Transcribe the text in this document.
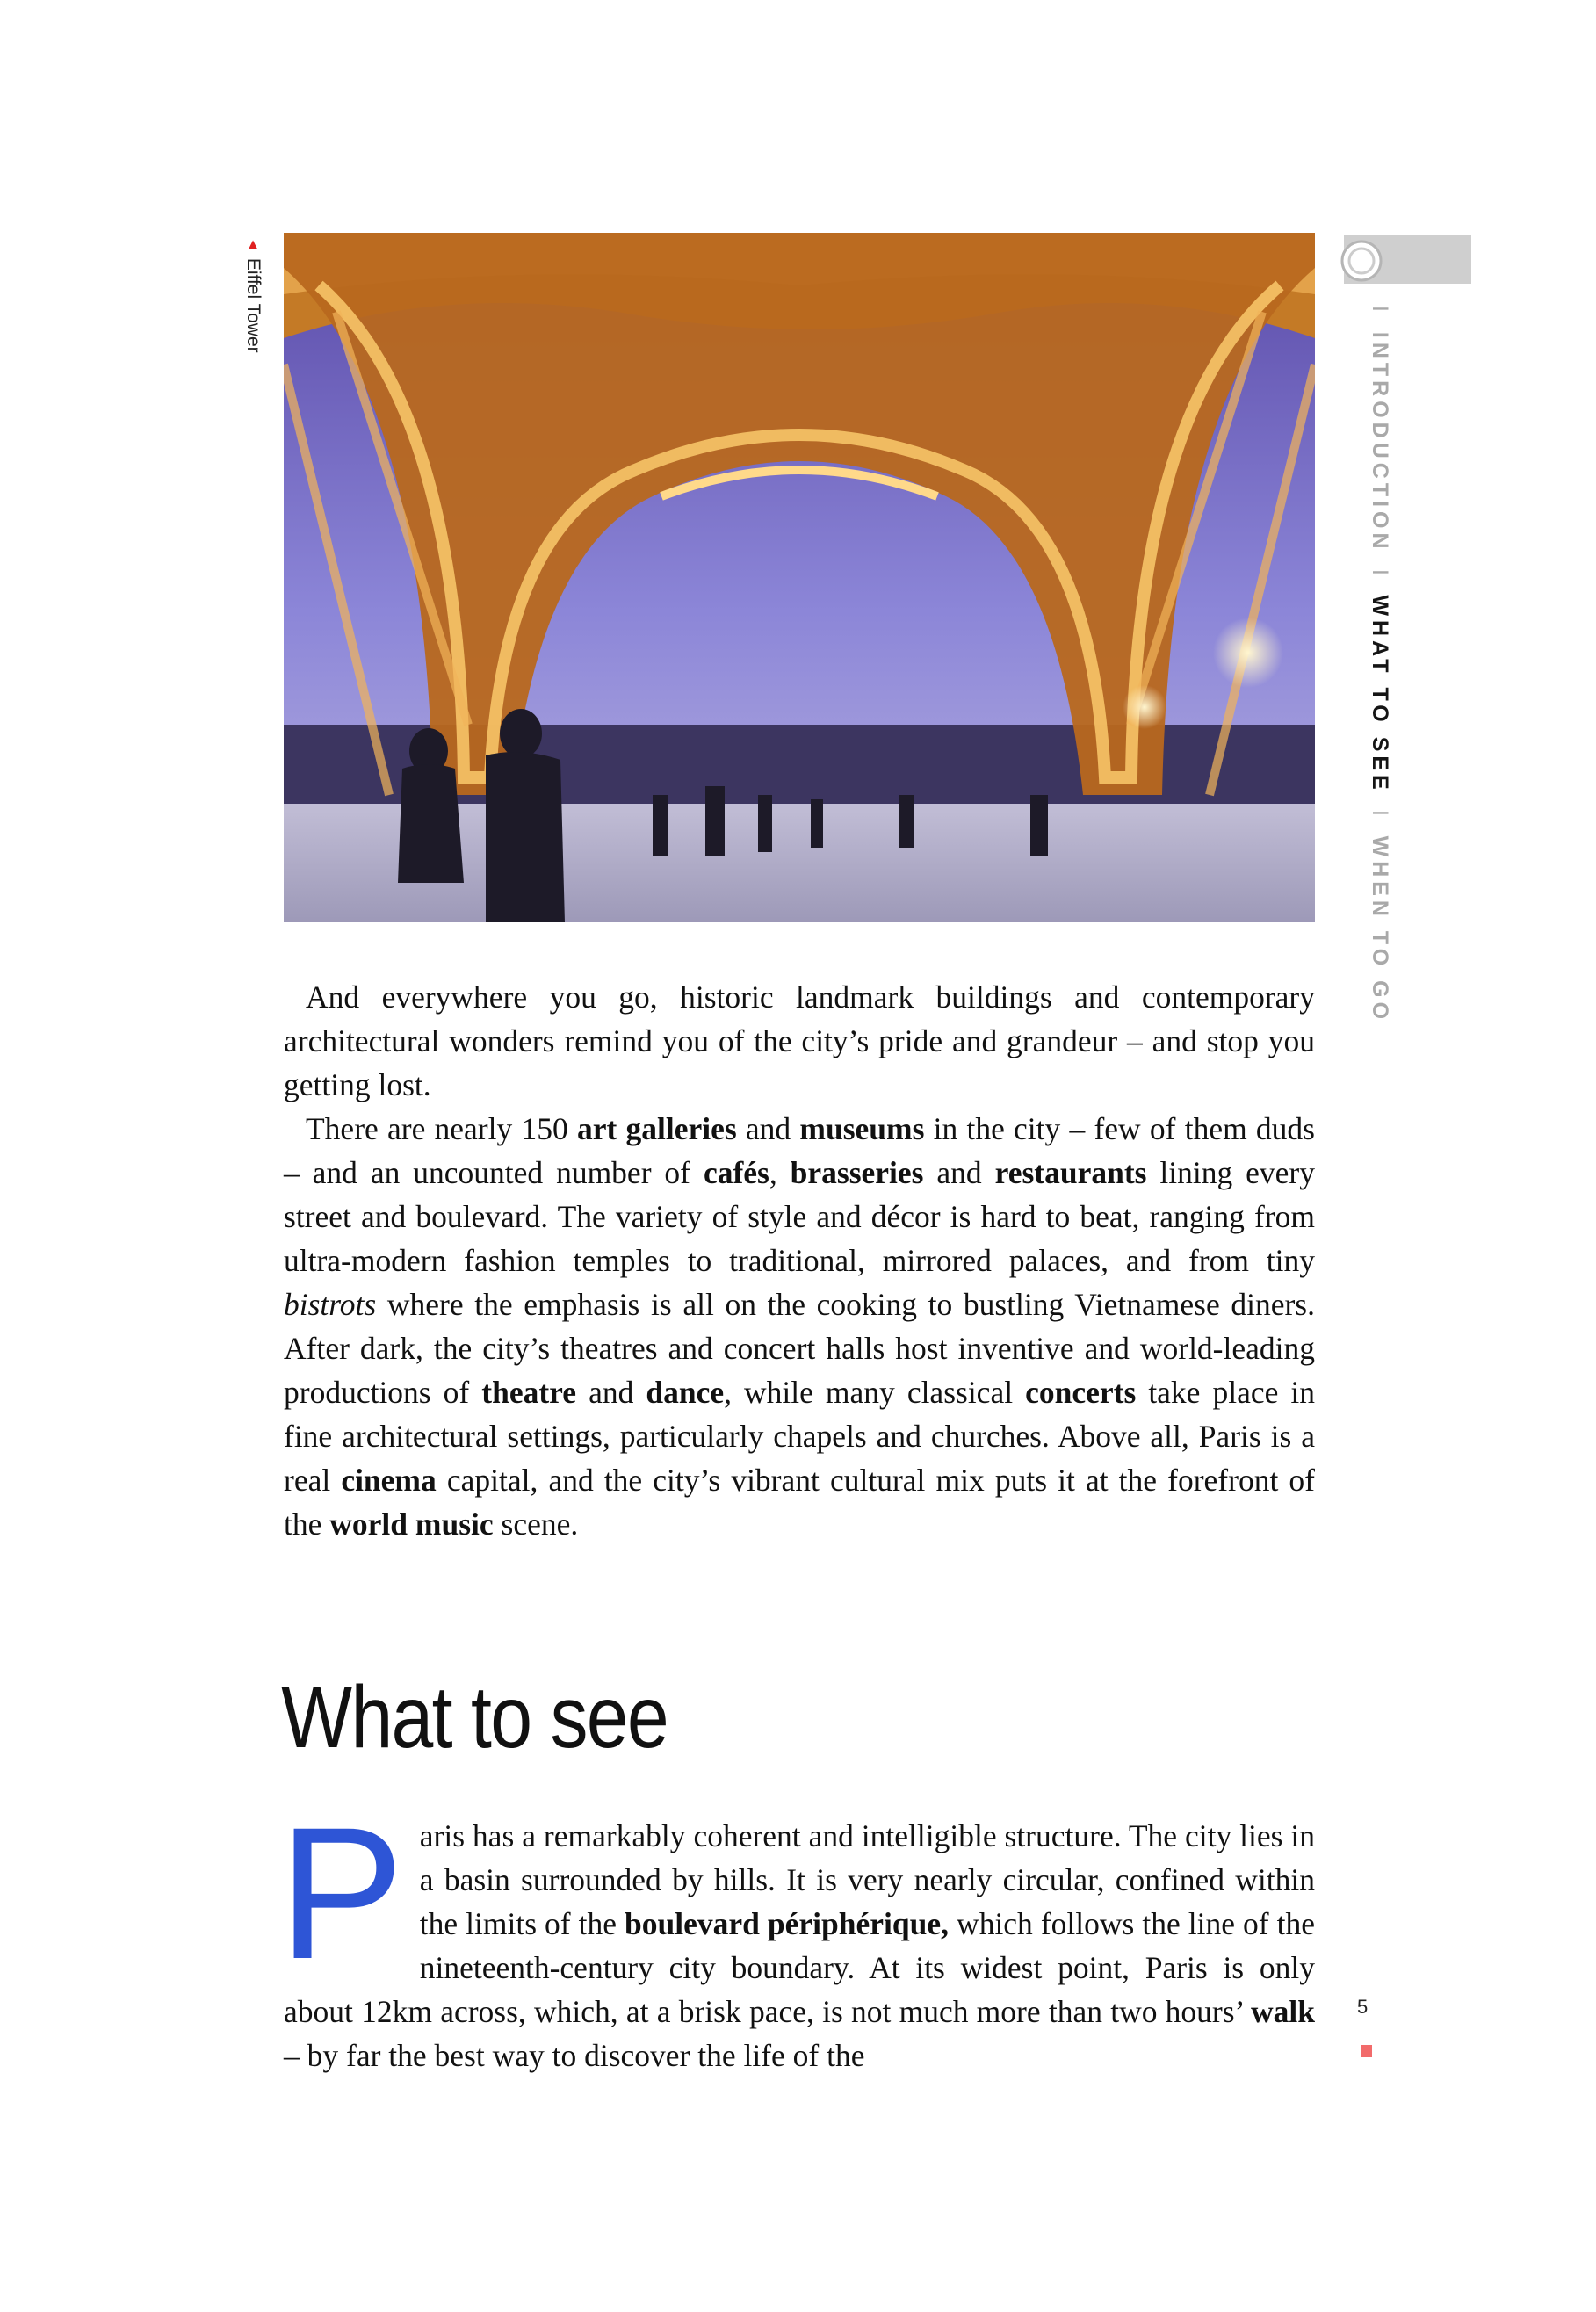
▲ Eiffel Tower	I INTRODUCTION I WHAT TO SEE I WHEN TO GO

And everywhere you go, historic landmark buildings and contemporary architectural wonders remind you of the city’s pride and grandeur – and stop you getting lost.

There are nearly 150 art galleries and museums in the city – few of them duds – and an uncounted number of cafés, brasseries and restaurants lining every street and boulevard. The variety of style and décor is hard to beat, ranging from ultra-modern fashion temples to traditional, mirrored palaces, and from tiny bistrots where the emphasis is all on the cooking to bustling Vietnamese diners. After dark, the city’s theatres and concert halls host inventive and world-leading productions of theatre and dance, while many classical concerts take place in fine architectural settings, particularly chapels and churches. Above all, Paris is a real cinema capital, and the city’s vibrant cultural mix puts it at the forefront of the world music scene.

What to see
Paris has a remarkably coherent and intelligible structure. The city lies in a basin surrounded by hills. It is very nearly circular, confined within the limits of the boulevard périphérique, which follows the line of the nineteenth-century city boundary. At its widest point, Paris is only about 12km across, which, at a brisk pace, is not much more than two hours’ walk – by far the best way to discover the life of the
5
